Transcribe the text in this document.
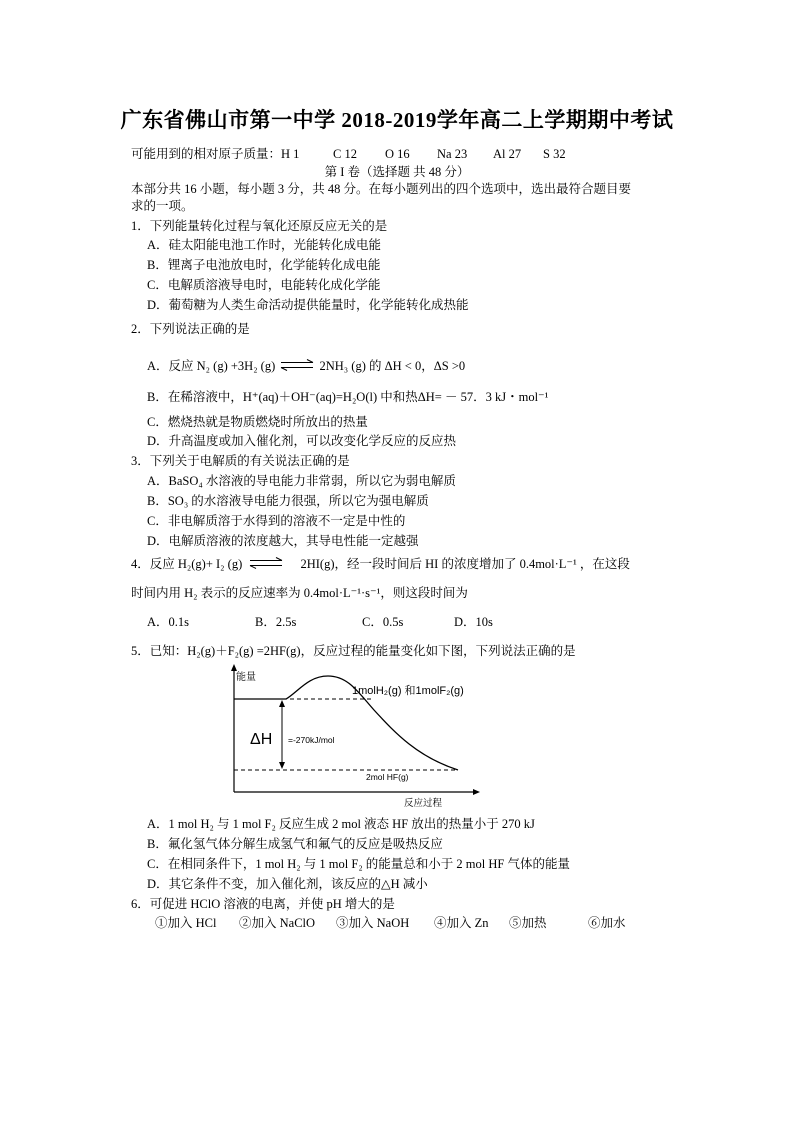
广东省佛山市第一中学 2018-2019学年高二上学期期中考试
可能用到的相对原子质量：H 1	C 12 O 16 Na 23 Al 27 S 32
第 I 卷（选择题 共 48 分）
本部分共 16 小题，每小题 3 分，共 48 分。在每小题列出的四个选项中，选出最符合题目要
求的一项。
1．下列能量转化过程与氧化还原反应无关的是
A．硅太阳能电池工作时，光能转化成电能
B．锂离子电池放电时，化学能转化成电能
C．电解质溶液导电时，电能转化成化学能
D．葡萄糖为人类生命活动提供能量时，化学能转化成热能
2．下列说法正确的是
A．反应 N₂ (g) +3H₂ (g) ⇌ 2NH₃ (g) 的 ΔH < 0，ΔS >0
B．在稀溶液中，H⁺(aq)＋OH⁻(aq)=H₂O(l) 中和热ΔH= － 57．3 kJ・mol⁻¹
C．燃烧热就是物质燃烧时所放出的热量
D．升高温度或加入催化剂，可以改变化学反应的反应热
3．下列关于电解质的有关说法正确的是
A．BaSO₄ 水溶液的导电能力非常弱，所以它为弱电解质
B．SO₃ 的水溶液导电能力很强，所以它为强电解质
C．非电解质溶于水得到的溶液不一定是中性的
D．电解质溶液的浓度越大，其导电性能一定越强
4．反应 H₂(g)+ I₂ (g) ⇌ 2HI(g)，经一段时间后 HI 的浓度增加了 0.4mol·L⁻¹ ，在这段
时间内用 H₂ 表示的反应速率为 0.4mol·L⁻¹·s⁻¹，则这段时间为
A．0.1s	B．2.5s	C．0.5s	D．10s
5．已知：H₂(g)＋F₂(g) =2HF(g)，反应过程的能量变化如下图，下列说法正确的是
能量
反应过程
ΔH =-270kJ/mol
1molH₂(g) 和1molF₂(g)
2mol HF(g)
A．1 mol H₂ 与 1 mol F₂ 反应生成 2 mol 液态 HF 放出的热量小于 270 kJ
B．氟化氢气体分解生成氢气和氟气的反应是吸热反应
C．在相同条件下，1 mol H₂ 与 1 mol F₂ 的能量总和小于 2 mol HF 气体的能量
D．其它条件不变，加入催化剂，该反应的△H 减小
6．可促进 HClO 溶液的电离，并使 pH 增大的是
①加入 HCl ②加入 NaClO ③加入 NaOH ④加入 Zn ⑤加热	⑥加水
